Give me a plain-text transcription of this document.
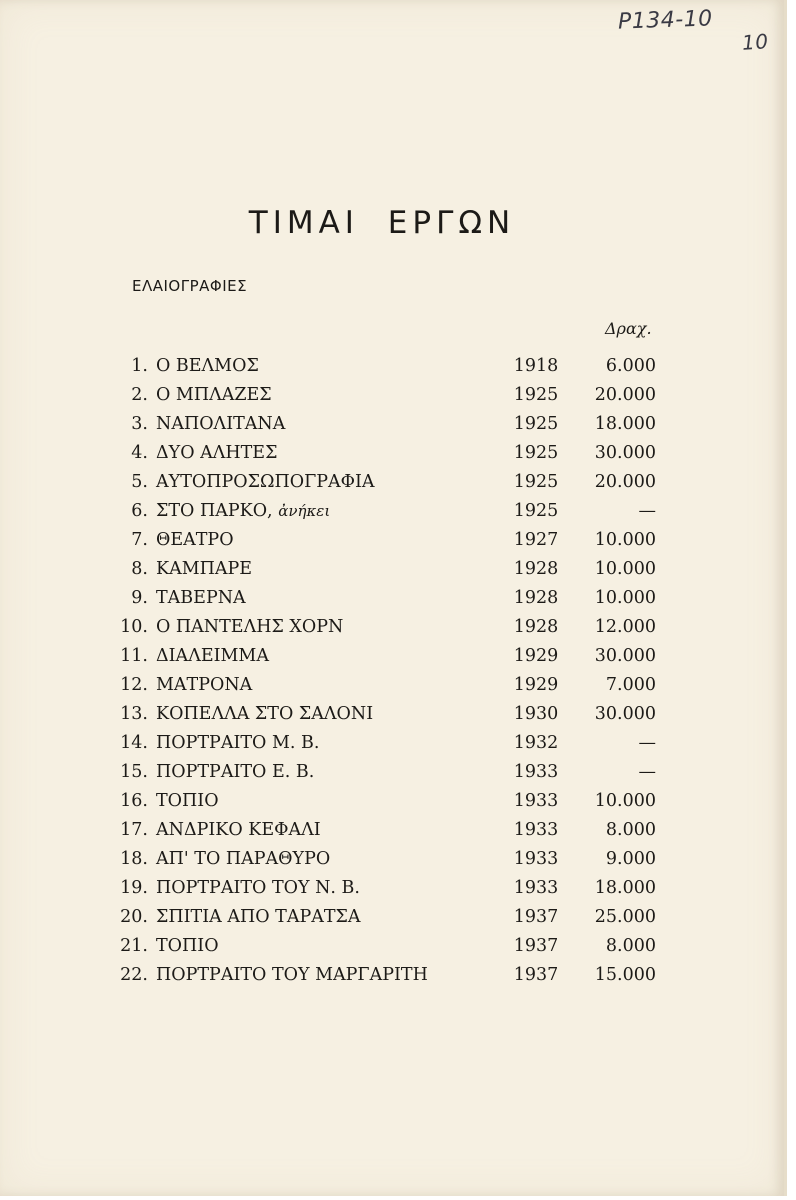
P134-10
10
ΤΙΜΑΙ ΕΡΓΩΝ
ΕΛΑΙΟΓΡΑΦΙΕΣ
Δραχ.
1. Ο ΒΕΛΜΟΣ	1918	6.000
2. Ο ΜΠΛΑΖΕΣ	1925	20.000
3. ΝΑΠΟΛΙΤΑΝΑ	1925	18.000
4. ΔΥΟ ΑΛΗΤΕΣ	1925	30.000
5. ΑΥΤΟΠΡΟΣΩΠΟΓΡΑΦΙΑ	1925	20.000
6. ΣΤΟ ΠΑΡΚΟ, ἀνήκει	1925	—
7. ΘΕΑΤΡΟ	1927	10.000
8. ΚΑΜΠΑΡΕ	1928	10.000
9. ΤΑΒΕΡΝΑ	1928	10.000
10. Ο ΠΑΝΤΕΛΗΣ ΧΟΡΝ	1928	12.000
11. ΔΙΑΛΕΙΜΜΑ	1929	30.000
12. ΜΑΤΡΟΝΑ	1929	7.000
13. ΚΟΠΕΛΛΑ ΣΤΟ ΣΑΛΟΝΙ	1930	30.000
14. ΠΟΡΤΡΑΙΤΟ Μ. Β.	1932	—
15. ΠΟΡΤΡΑΙΤΟ Ε. Β.	1933	—
16. ΤΟΠΙΟ	1933	10.000
17. ΑΝΔΡΙΚΟ ΚΕΦΑΛΙ	1933	8.000
18. ΑΠ' ΤΟ ΠΑΡΑΘΥΡΟ	1933	9.000
19. ΠΟΡΤΡΑΙΤΟ ΤΟΥ Ν. Β.	1933	18.000
20. ΣΠΙΤΙΑ ΑΠΟ ΤΑΡΑΤΣΑ	1937	25.000
21. ΤΟΠΙΟ	1937	8.000
22. ΠΟΡΤΡΑΙΤΟ ΤΟΥ ΜΑΡΓΑΡΙΤΗ	1937	15.000
